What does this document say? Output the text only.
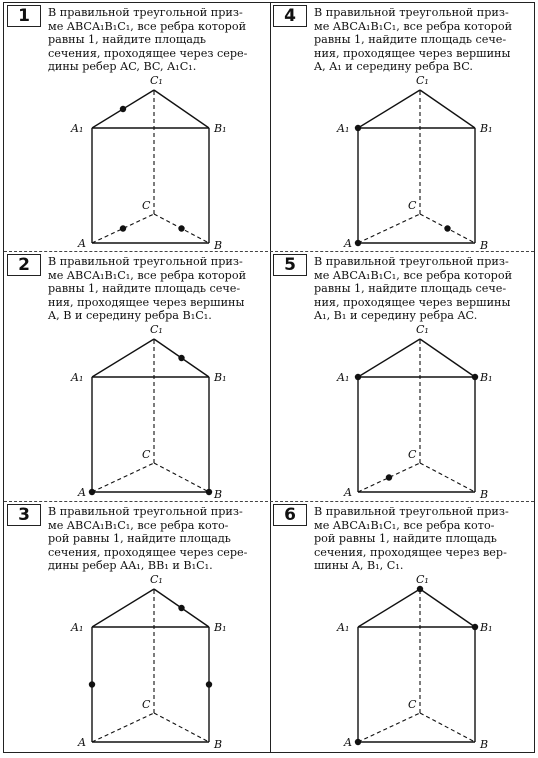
1	В правильной треугольной приз-
ме ABCA₁B₁C₁, все ребра которой
равны 1, найдите площадь
сечения, проходящее через серe-
дины ребер AC, BC, A₁C₁.
A	B
C
A₁	B₁
C₁
4	В правильной треугольной приз-
ме ABCA₁B₁C₁, все ребра которой
равны 1, найдите площадь сече-
ния, проходящее через вершины
A, A₁ и середину ребра BC.
A	B
C
A₁	B₁
C₁
2	В правильной треугольной приз-
ме ABCA₁B₁C₁, все ребра которой
равны 1, найдите площадь сече-
ния, проходящее через вершины
A, B и середину ребра B₁C₁.
A	B
C
A₁	B₁
C₁
5	В правильной треугольной приз-
ме ABCA₁B₁C₁, все ребра которой
равны 1, найдите площадь сече-
ния, проходящее через вершины
A₁, B₁ и середину ребра AC.
A	B
C
A₁	B₁
C₁
3	В правильной треугольной приз-
ме ABCA₁B₁C₁, все ребра кото-
рой равны 1, найдите площадь
сечения, проходящее через сере-
дины ребер AA₁, BB₁ и B₁C₁.
A	B
C
A₁	B₁
C₁
6	В правильной треугольной приз-
ме ABCA₁B₁C₁, все ребра кото-
рой равны 1, найдите площадь
сечения, проходящее через вер-
шины A, B₁, C₁.
A	B
C
A₁	B₁
C₁
